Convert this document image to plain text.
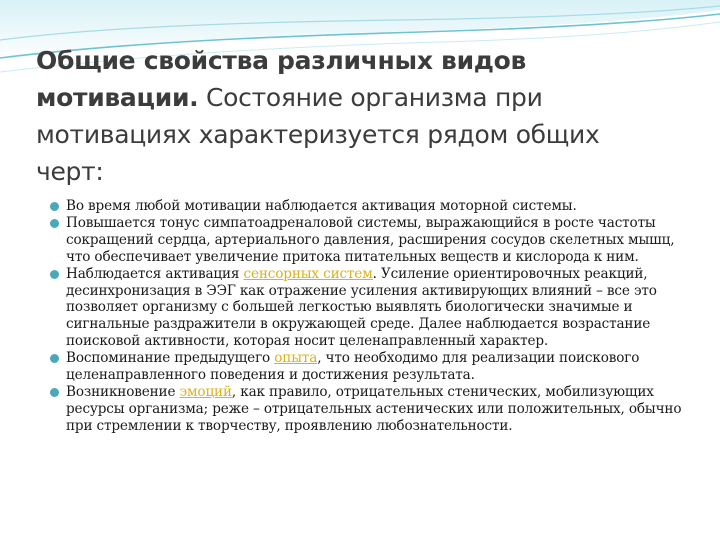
Общие свойства различных видов мотивации. Состояние организма при мотивациях характеризуется рядом общих черт:
Во время любой мотивации наблюдается активация моторной системы.
Повышается тонус симпатоадреналовой системы, выражающийся в росте частоты сокращений сердца, артериального давления, расширения сосудов скелетных мышц, что обеспечивает увеличение притока питательных веществ и кислорода к ним.
Наблюдается активация сенсорных систем. Усиление ориентировочных реакций, десинхронизация в ЭЭГ как отражение усиления активирующих влияний – все это позволяет организму с большей легкостью выявлять биологически значимые и сигнальные раздражители в окружающей среде. Далее наблюдается возрастание поисковой активности, которая носит целенаправленный характер.
Воспоминание предыдущего опыта, что необходимо для реализации поискового целенаправленного поведения и достижения результата.
Возникновение эмоций, как правило, отрицательных стенических, мобилизующих ресурсы организма; реже – отрицательных астенических или положительных, обычно при стремлении к творчеству, проявлению любознательности.
